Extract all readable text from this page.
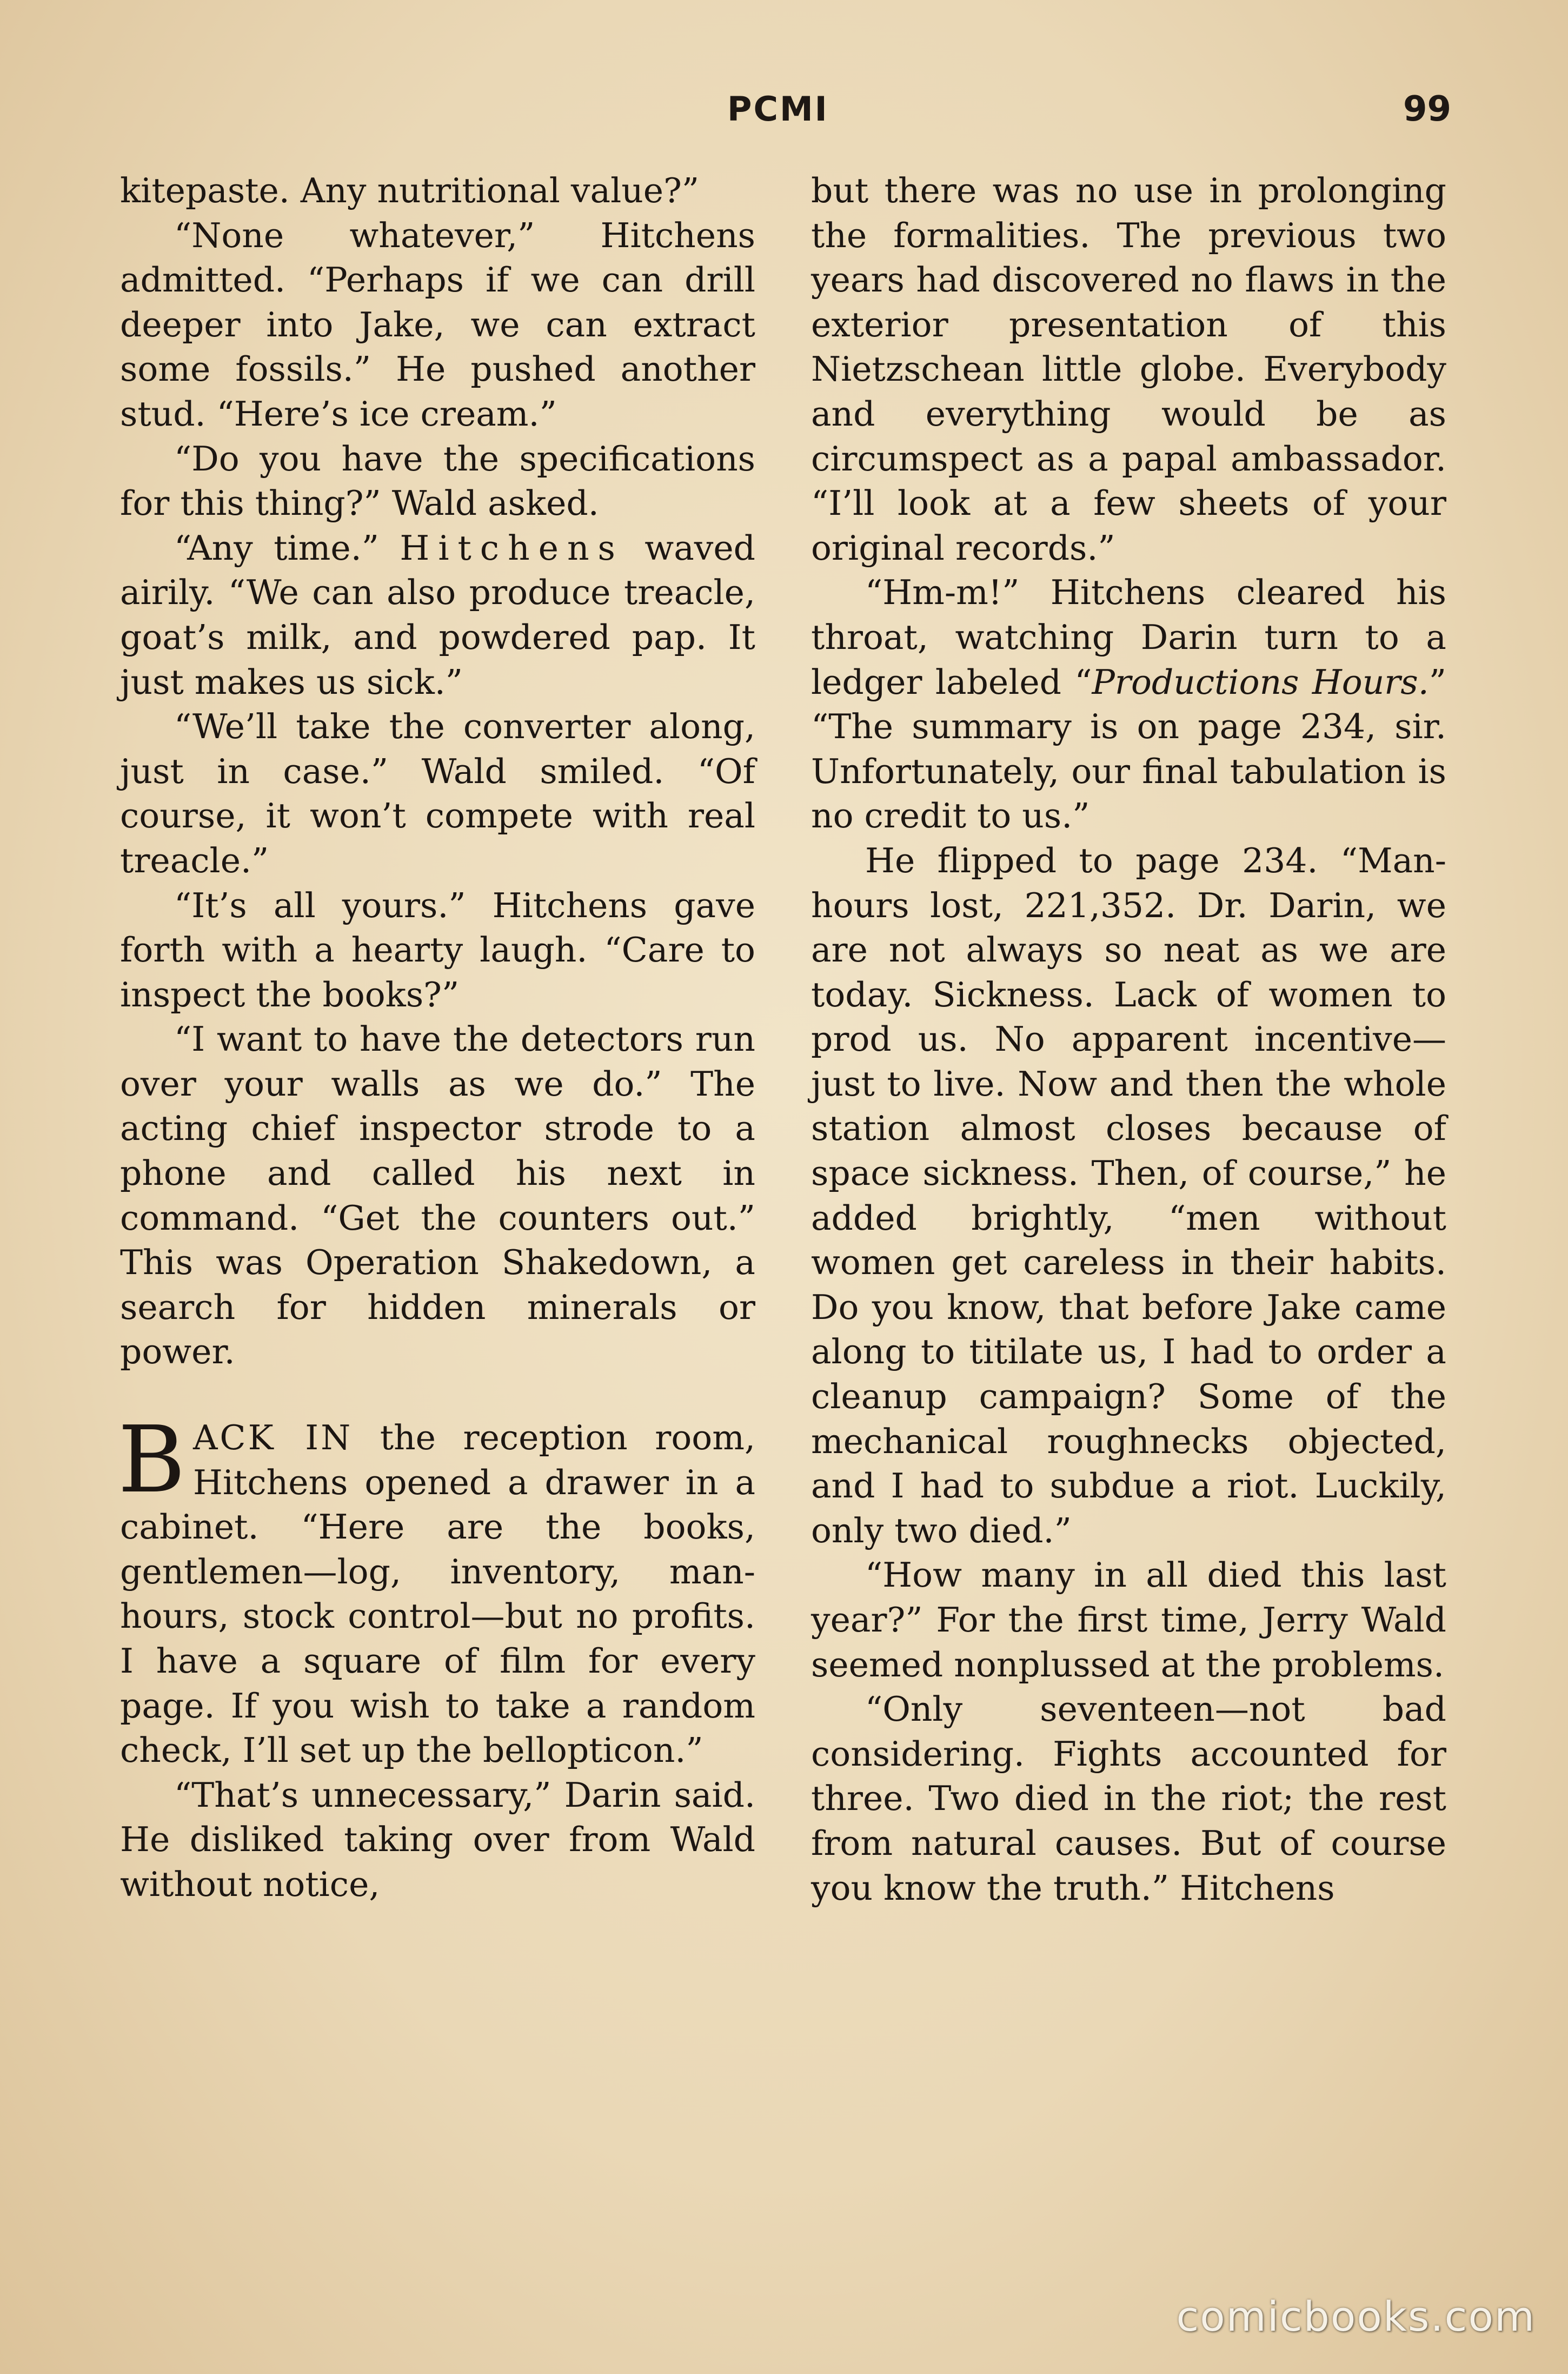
PCMI	99

kitepaste. Any nutritional value?”

“None whatever,” Hitchens admitted. “Perhaps if we can drill deeper into Jake, we can extract some fossils.” He pushed another stud. “Here’s ice cream.”

“Do you have the specifications for this thing?” Wald asked.

“Any time.” Hitchens waved airily. “We can also produce treacle, goat’s milk, and powdered pap. It just makes us sick.”

“We’ll take the converter along, just in case.” Wald smiled. “Of course, it won’t compete with real treacle.”

“It’s all yours.” Hitchens gave forth with a hearty laugh. “Care to inspect the books?”

“I want to have the detectors run over your walls as we do.” The acting chief inspector strode to a phone and called his next in command. “Get the counters out.” This was Operation Shakedown, a search for hidden minerals or power.

BACK IN the reception room, Hitchens opened a drawer in a cabinet. “Here are the books, gentlemen—log, inventory, man-hours, stock control—but no profits. I have a square of film for every page. If you wish to take a random check, I’ll set up the bellopticon.”

“That’s unnecessary,” Darin said. He disliked taking over from Wald without notice,

but there was no use in prolonging the formalities. The previous two years had discovered no flaws in the exterior presentation of this Nietzschean little globe. Everybody and everything would be as circumspect as a papal ambassador. “I’ll look at a few sheets of your original records.”

“Hm-m!” Hitchens cleared his throat, watching Darin turn to a ledger labeled “Productions Hours.” “The summary is on page 234, sir. Unfortunately, our final tabulation is no credit to us.”

He flipped to page 234. “Man-hours lost, 221,352. Dr. Darin, we are not always so neat as we are today. Sickness. Lack of women to prod us. No apparent incentive—just to live. Now and then the whole station almost closes because of space sickness. Then, of course,” he added brightly, “men without women get careless in their habits. Do you know, that before Jake came along to titilate us, I had to order a cleanup campaign? Some of the mechanical roughnecks objected, and I had to subdue a riot. Luckily, only two died.”

“How many in all died this last year?” For the first time, Jerry Wald seemed nonplussed at the problems.

“Only seventeen—not bad considering. Fights accounted for three. Two died in the riot; the rest from natural causes. But of course you know the truth.” Hitchens

comicbooks.com
